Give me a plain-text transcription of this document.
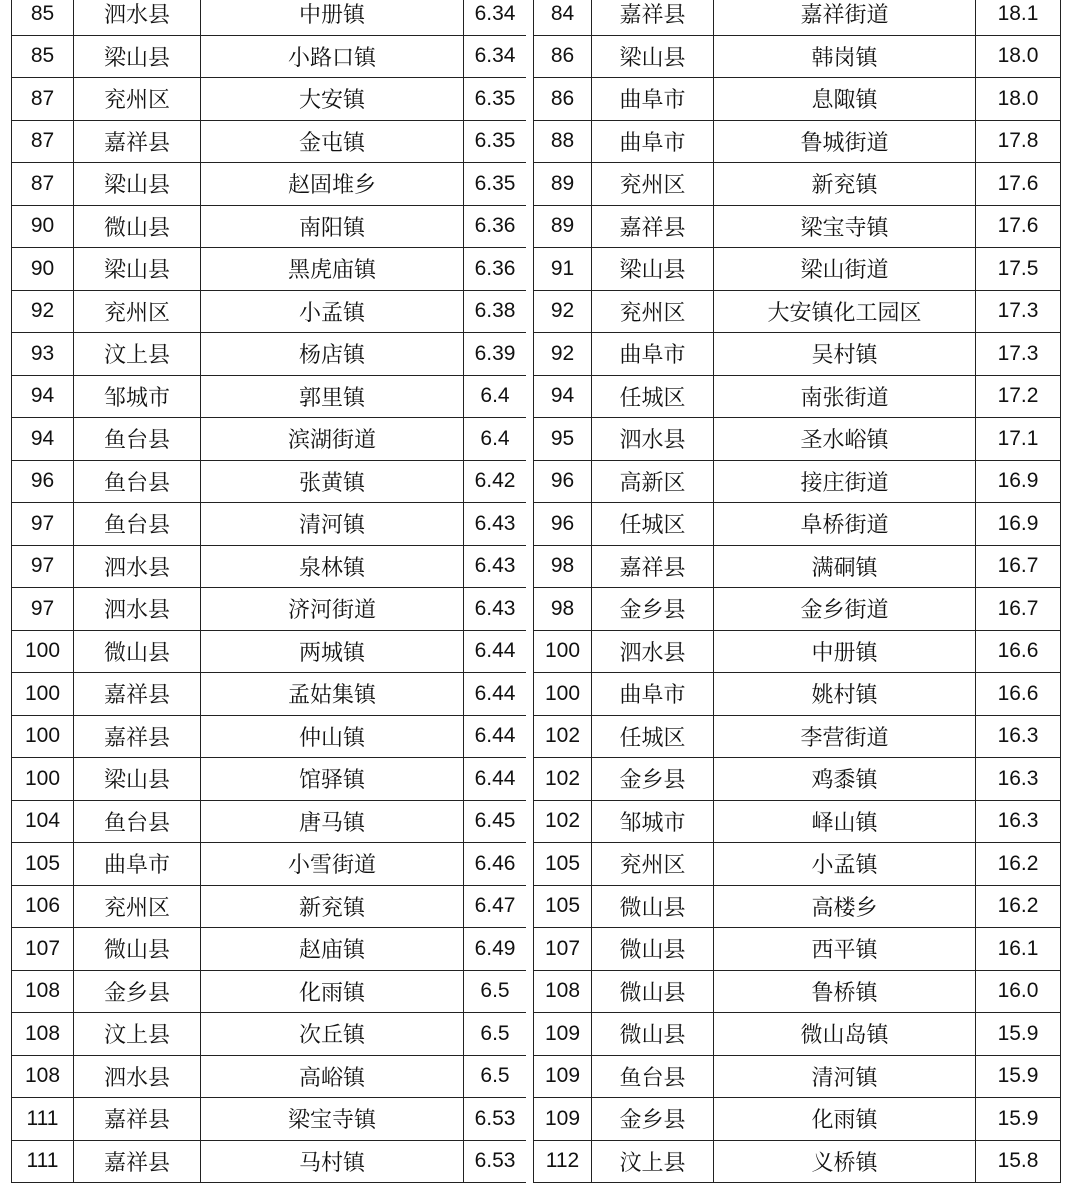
85	泗水县	中册镇	6.34
85	梁山县	小路口镇	6.34
87	兖州区	大安镇	6.35
87	嘉祥县	金屯镇	6.35
87	梁山县	赵固堆乡	6.35
90	微山县	南阳镇	6.36
90	梁山县	黑虎庙镇	6.36
92	兖州区	小孟镇	6.38
93	汶上县	杨店镇	6.39
94	邹城市	郭里镇	6.4
94	鱼台县	滨湖街道	6.4
96	鱼台县	张黄镇	6.42
97	鱼台县	清河镇	6.43
97	泗水县	泉林镇	6.43
97	泗水县	济河街道	6.43
100	微山县	两城镇	6.44
100	嘉祥县	孟姑集镇	6.44
100	嘉祥县	仲山镇	6.44
100	梁山县	馆驿镇	6.44
104	鱼台县	唐马镇	6.45
105	曲阜市	小雪街道	6.46
106	兖州区	新兖镇	6.47
107	微山县	赵庙镇	6.49
108	金乡县	化雨镇	6.5
108	汶上县	次丘镇	6.5
108	泗水县	高峪镇	6.5
111	嘉祥县	梁宝寺镇	6.53
111	嘉祥县	马村镇	6.53
84	嘉祥县	嘉祥街道	18.1
86	梁山县	韩岗镇	18.0
86	曲阜市	息陬镇	18.0
88	曲阜市	鲁城街道	17.8
89	兖州区	新兖镇	17.6
89	嘉祥县	梁宝寺镇	17.6
91	梁山县	梁山街道	17.5
92	兖州区	大安镇化工园区	17.3
92	曲阜市	吴村镇	17.3
94	任城区	南张街道	17.2
95	泗水县	圣水峪镇	17.1
96	高新区	接庄街道	16.9
96	任城区	阜桥街道	16.9
98	嘉祥县	满硐镇	16.7
98	金乡县	金乡街道	16.7
100	泗水县	中册镇	16.6
100	曲阜市	姚村镇	16.6
102	任城区	李营街道	16.3
102	金乡县	鸡黍镇	16.3
102	邹城市	峄山镇	16.3
105	兖州区	小孟镇	16.2
105	微山县	高楼乡	16.2
107	微山县	西平镇	16.1
108	微山县	鲁桥镇	16.0
109	微山县	微山岛镇	15.9
109	鱼台县	清河镇	15.9
109	金乡县	化雨镇	15.9
112	汶上县	义桥镇	15.8
